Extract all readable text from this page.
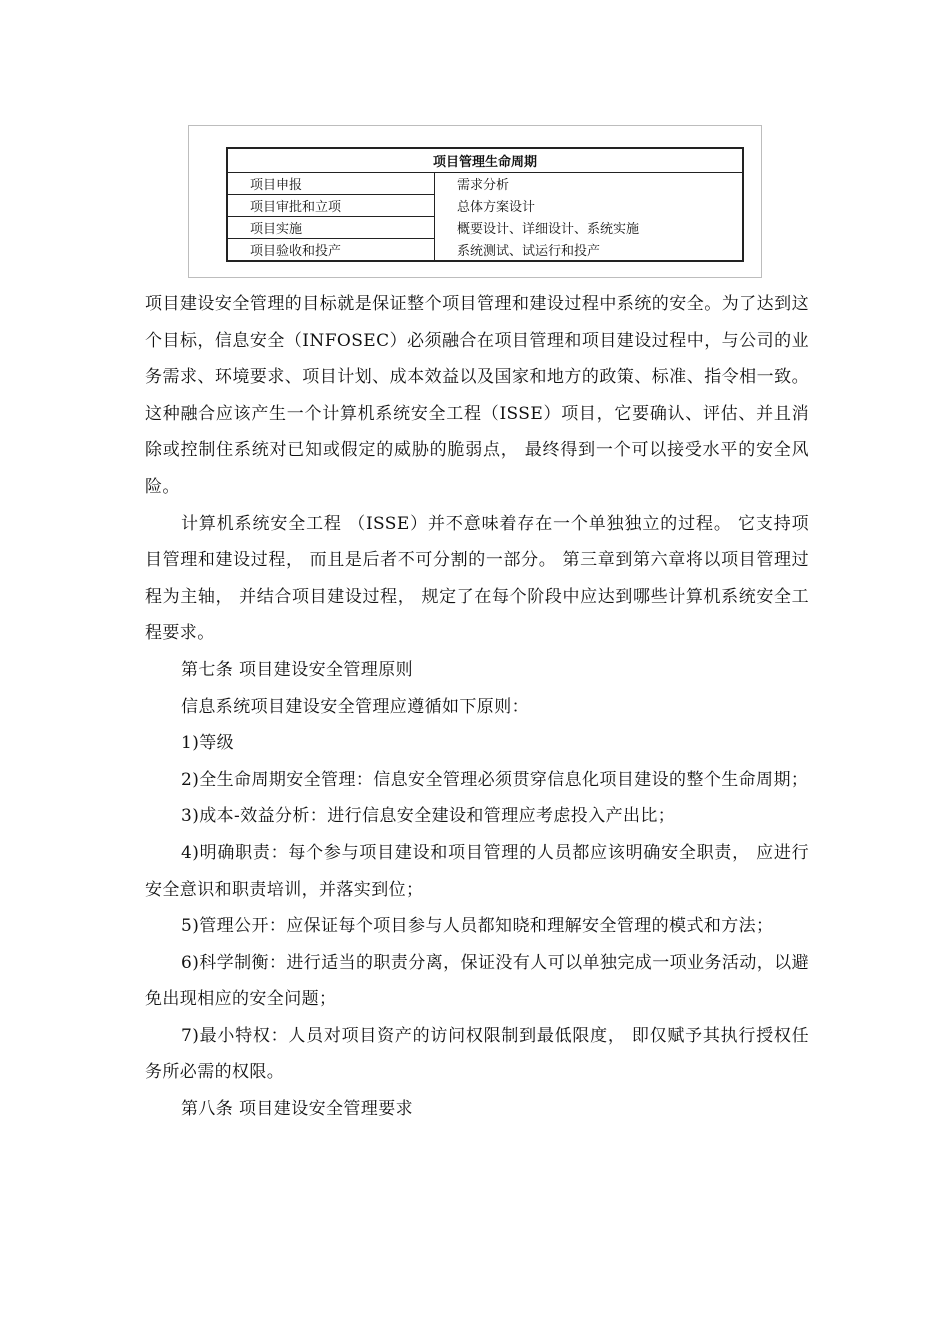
项目管理生命周期	
项目申报	需求分析
项目审批和立项	总体方案设计
项目实施	概要设计、详细设计、系统实施
项目验收和投产	系统测试、试运行和投产

项目建设安全管理的目标就是保证整个项目管理和建设过程中系统的安全。为了达到这个目标，信息安全（INFOSEC）必须融合在项目管理和项目建设过程中，与公司的业务需求、环境要求、项目计划、成本效益以及国家和地方的政策、标准、指令相一致。这种融合应该产生一个计算机系统安全工程（ISSE）项目，它要确认、评估、并且消除或控制住系统对已知或假定的威胁的脆弱点， 最终得到一个可以接受水平的安全风险。

计算机系统安全工程 （ISSE）并不意味着存在一个单独独立的过程。 它支持项目管理和建设过程， 而且是后者不可分割的一部分。 第三章到第六章将以项目管理过程为主轴， 并结合项目建设过程， 规定了在每个阶段中应达到哪些计算机系统安全工程要求。

第七条 项目建设安全管理原则

信息系统项目建设安全管理应遵循如下原则：

1)等级

2)全生命周期安全管理：信息安全管理必须贯穿信息化项目建设的整个生命周期；

3)成本-效益分析：进行信息安全建设和管理应考虑投入产出比；

4)明确职责：每个参与项目建设和项目管理的人员都应该明确安全职责， 应进行安全意识和职责培训，并落实到位；

5)管理公开：应保证每个项目参与人员都知晓和理解安全管理的模式和方法；

6)科学制衡：进行适当的职责分离，保证没有人可以单独完成一项业务活动，以避免出现相应的安全问题；

7)最小特权：人员对项目资产的访问权限制到最低限度， 即仅赋予其执行授权任务所必需的权限。

第八条 项目建设安全管理要求
